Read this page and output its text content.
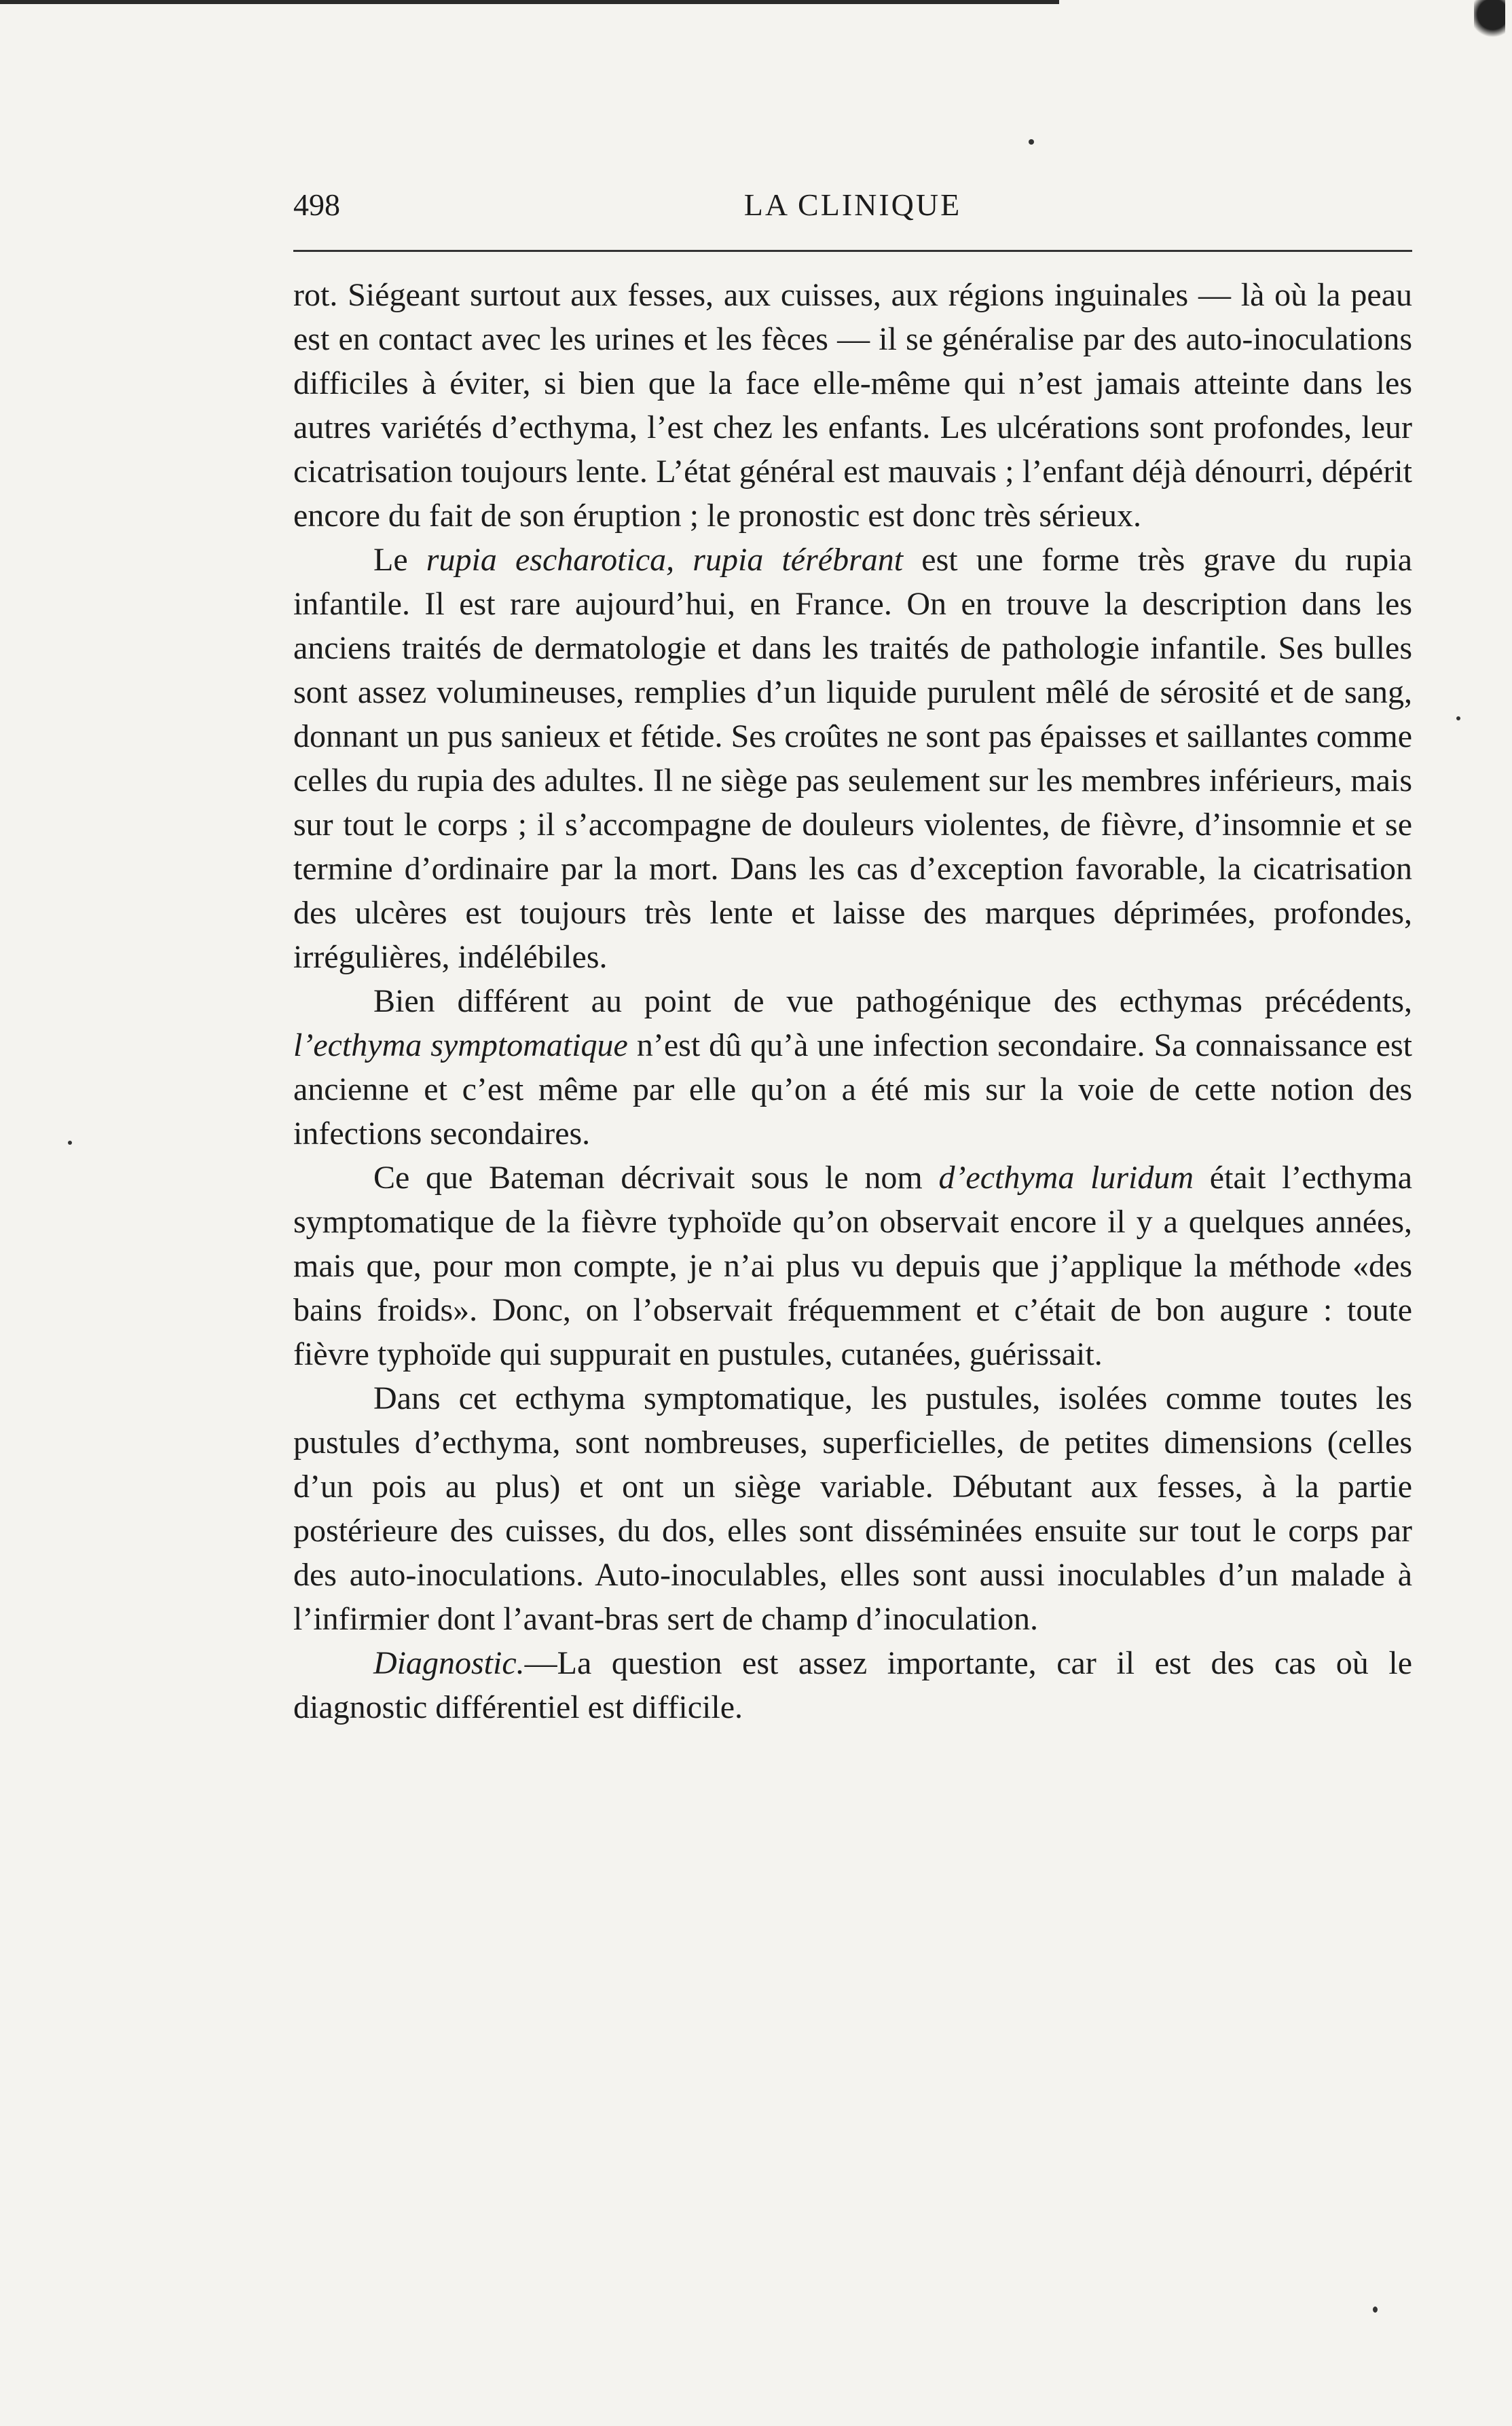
498	LA CLINIQUE

rot. Siégeant surtout aux fesses, aux cuisses, aux régions inguinales — là où la peau est en contact avec les urines et les fèces — il se généralise par des auto-inoculations difficiles à éviter, si bien que la face elle-même qui n’est jamais atteinte dans les autres variétés d’ecthyma, l’est chez les enfants. Les ulcérations sont profondes, leur cicatrisation toujours lente. L’état général est mauvais ; l’enfant déjà dénourri, dépérit encore du fait de son éruption ; le pronostic est donc très sérieux.

Le rupia escharotica, rupia térébrant est une forme très grave du rupia infantile. Il est rare aujourd’hui, en France. On en trouve la description dans les anciens traités de dermatologie et dans les traités de pathologie infantile. Ses bulles sont assez volumineuses, remplies d’un liquide purulent mêlé de sérosité et de sang, donnant un pus sanieux et fétide. Ses croûtes ne sont pas épaisses et saillantes comme celles du rupia des adultes. Il ne siège pas seulement sur les membres inférieurs, mais sur tout le corps ; il s’accompagne de douleurs violentes, de fièvre, d’insomnie et se termine d’ordinaire par la mort. Dans les cas d’exception favorable, la cicatrisation des ulcères est toujours très lente et laisse des marques déprimées, profondes, irrégulières, indélébiles.

Bien différent au point de vue pathogénique des ecthymas précédents, l’ecthyma symptomatique n’est dû qu’à une infection secondaire. Sa connaissance est ancienne et c’est même par elle qu’on a été mis sur la voie de cette notion des infections secondaires.

Ce que Bateman décrivait sous le nom d’ecthyma luridum était l’ecthyma symptomatique de la fièvre typhoïde qu’on observait encore il y a quelques années, mais que, pour mon compte, je n’ai plus vu depuis que j’applique la méthode «des bains froids». Donc, on l’observait fréquemment et c’était de bon augure : toute fièvre typhoïde qui suppurait en pustules, cutanées, guérissait.

Dans cet ecthyma symptomatique, les pustules, isolées comme toutes les pustules d’ecthyma, sont nombreuses, superficielles, de petites dimensions (celles d’un pois au plus) et ont un siège variable. Débutant aux fesses, à la partie postérieure des cuisses, du dos, elles sont disséminées ensuite sur tout le corps par des auto-inoculations. Auto-inoculables, elles sont aussi inoculables d’un malade à l’infirmier dont l’avant-bras sert de champ d’inoculation.

Diagnostic.—La question est assez importante, car il est des cas où le diagnostic différentiel est difficile.
